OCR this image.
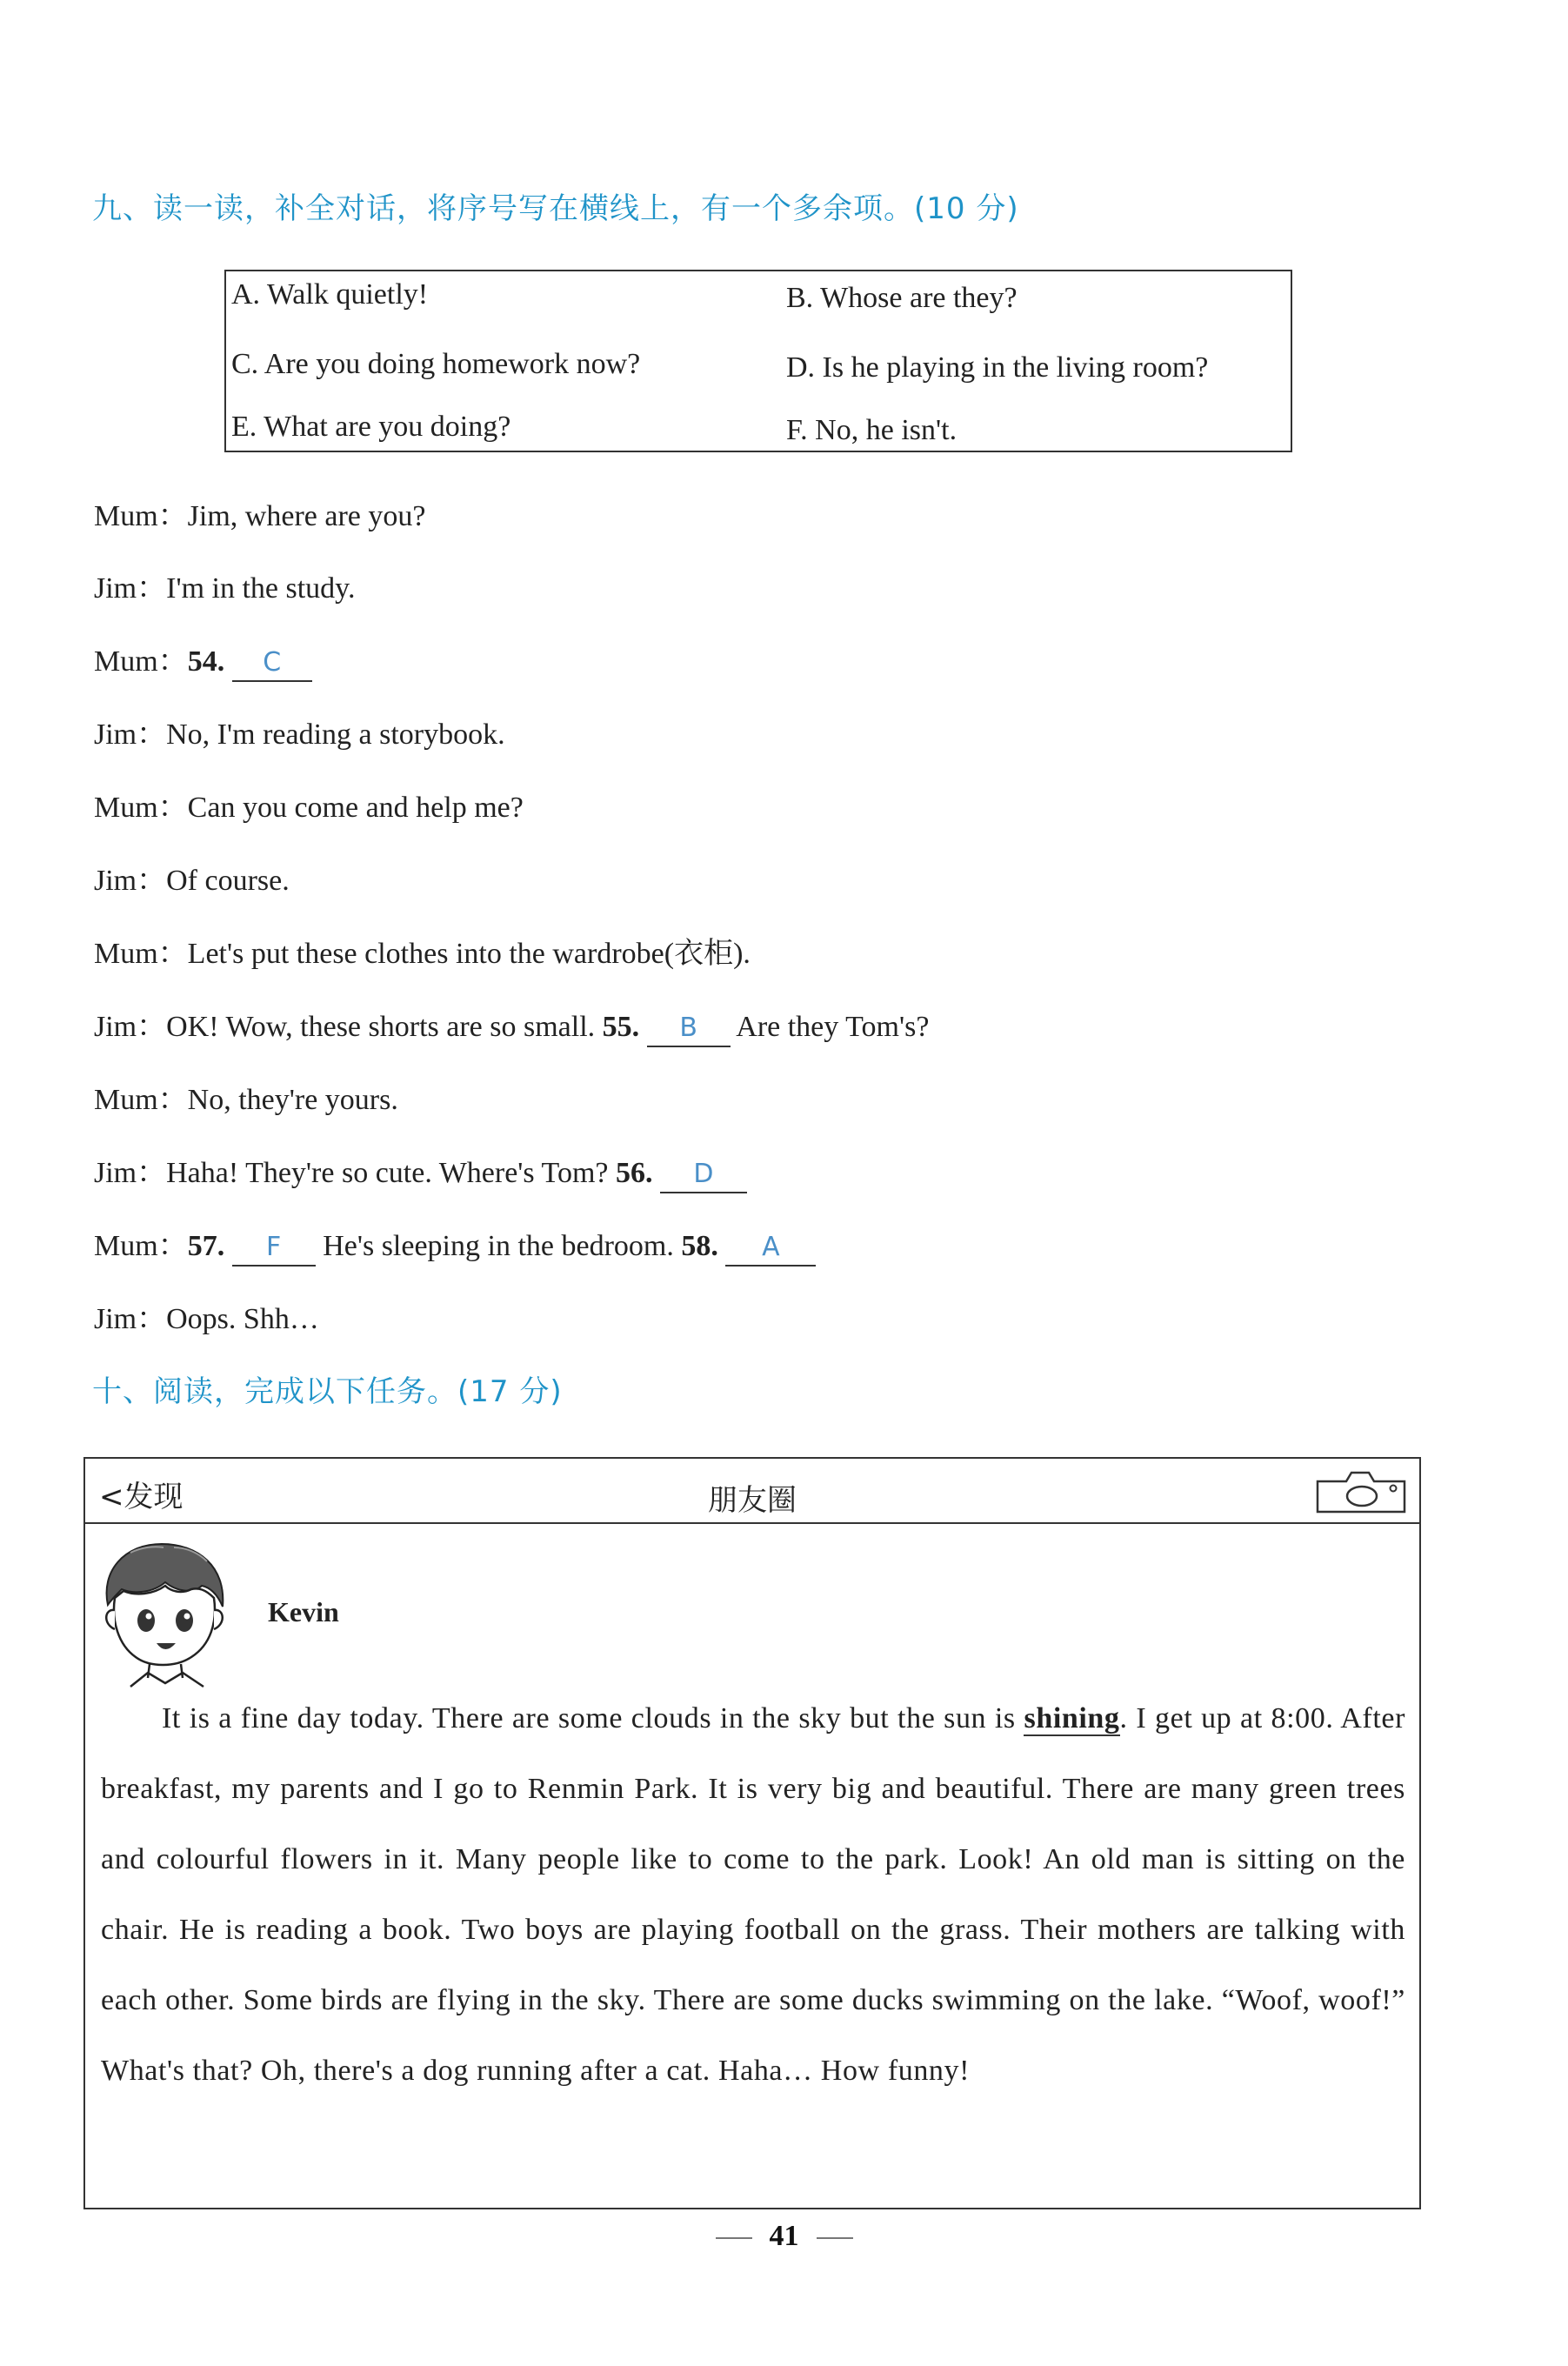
九、读一读，补全对话，将序号写在横线上，有一个多余项。(10 分)
A. Walk quietly!	B. Whose are they?
C. Are you doing homework now?	D. Is he playing in the living room?
E. What are you doing?	F. No, he isn't.
Mum：Jim, where are you?
Jim：I'm in the study.
Mum：54. C
Jim：No, I'm reading a storybook.
Mum：Can you come and help me?
Jim：Of course.
Mum：Let's put these clothes into the wardrobe(衣柜).
Jim：OK! Wow, these shorts are so small. 55. B Are they Tom's?
Mum：No, they're yours.
Jim：Haha! They're so cute. Where's Tom? 56. D
Mum：57. F He's sleeping in the bedroom. 58. A
Jim：Oops. Shh…
十、阅读，完成以下任务。(17 分)
<发现	朋友圈
Kevin
It is a fine day today. There are some clouds in the sky but the sun is shining. I get up at 8:00. After breakfast, my parents and I go to Renmin Park. It is very big and beautiful. There are many green trees and colourful flowers in it. Many people like to come to the park. Look! An old man is sitting on the chair. He is reading a book. Two boys are playing football on the grass. Their mothers are talking with each other. Some birds are flying in the sky. There are some ducks swimming on the lake. “Woof, woof!” What's that? Oh, there's a dog running after a cat. Haha… How funny!
41
